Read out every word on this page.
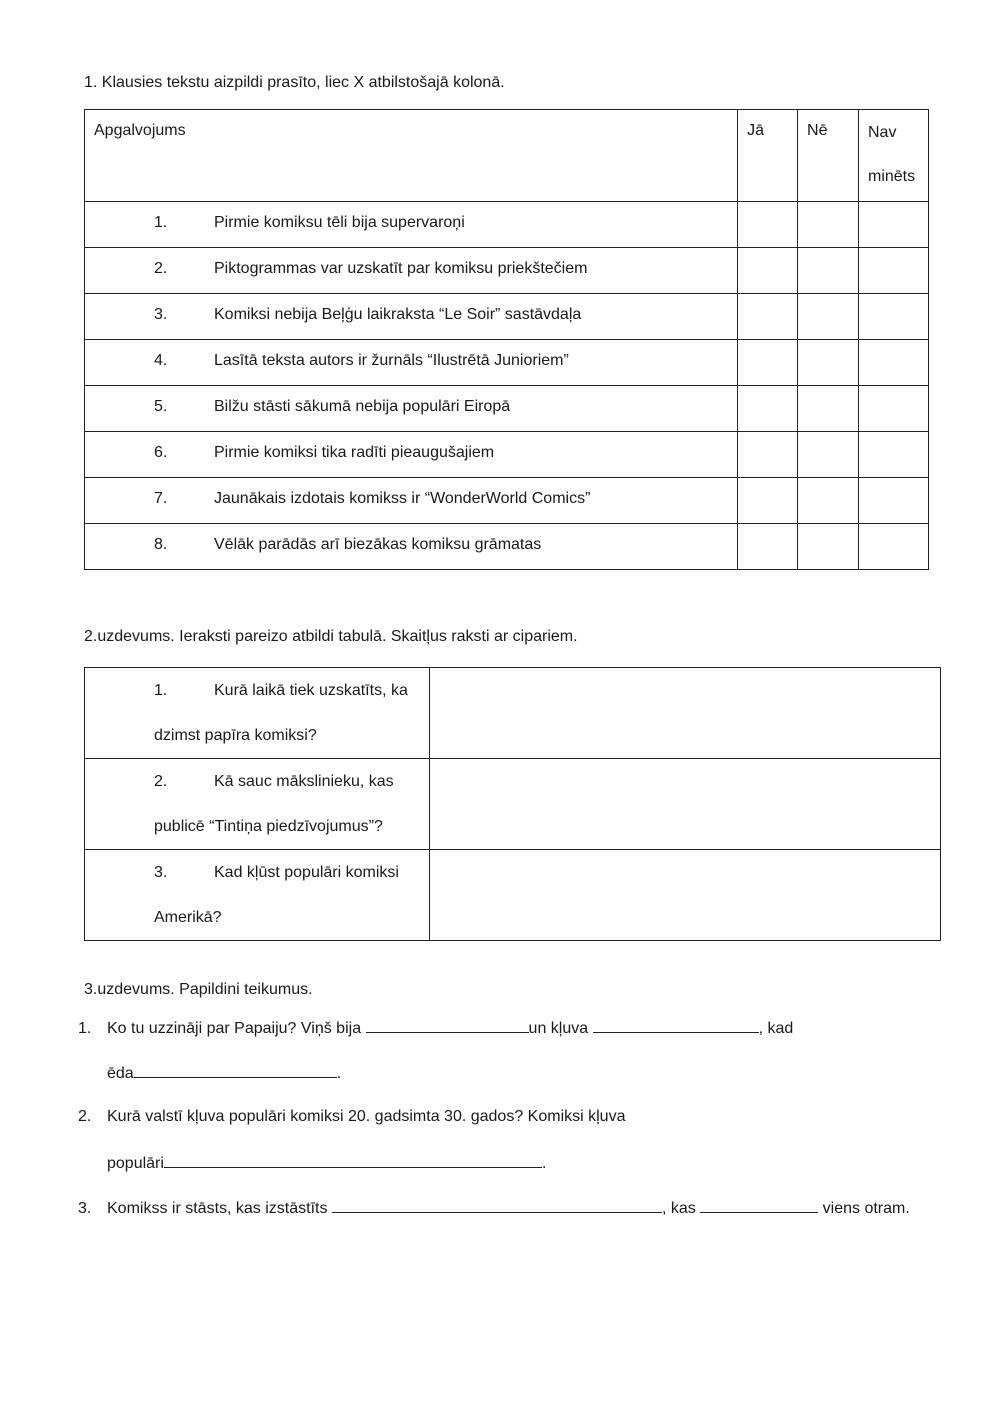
1. Klausies tekstu aizpildi prasīto, liec X atbilstošajā kolonā.
Apgalvojums	Jā	Nē	Nav
minēts

1. Pirmie komiksu tēli bija supervaroņi			

2. Piktogrammas var uzskatīt par komiksu priekštečiem			

3. Komiksi nebija Beļģu laikraksta “Le Soir” sastāvdaļa			

4. Lasītā teksta autors ir žurnāls “Ilustrētā Junioriem”			

5. Bilžu stāsti sākumā nebija populāri Eiropā			

6. Pirmie komiksi tika radīti pieaugušajiem			

7. Jaunākais izdotais komikss ir “WonderWorld Comics”			

8. Vēlāk parādās arī biezākas komiksu grāmatas			

2.uzdevums. Ieraksti pareizo atbildi tabulā. Skaitļus raksti ar cipariem.
1. Kurā laikā tiek uzskatīts, ka
dzimst papīra komiksi?	

2. Kā sauc mākslinieku, kas
publicē “Tintiņa piedzīvojumus”?	

3. Kad kļūst populāri komiksi
Amerikā?	

3.uzdevums. Papildini teikumus.
1. Ko tu uzzināji par Papaiju? Viņš bija	un kļuva	, kad
ēda	.
2. Kurā valstī kļuva populāri komiksi 20. gadsimta 30. gados? Komiksi kļuva
populāri	.
3. Komikss ir stāsts, kas izstāstīts	, kas	viens otram.
